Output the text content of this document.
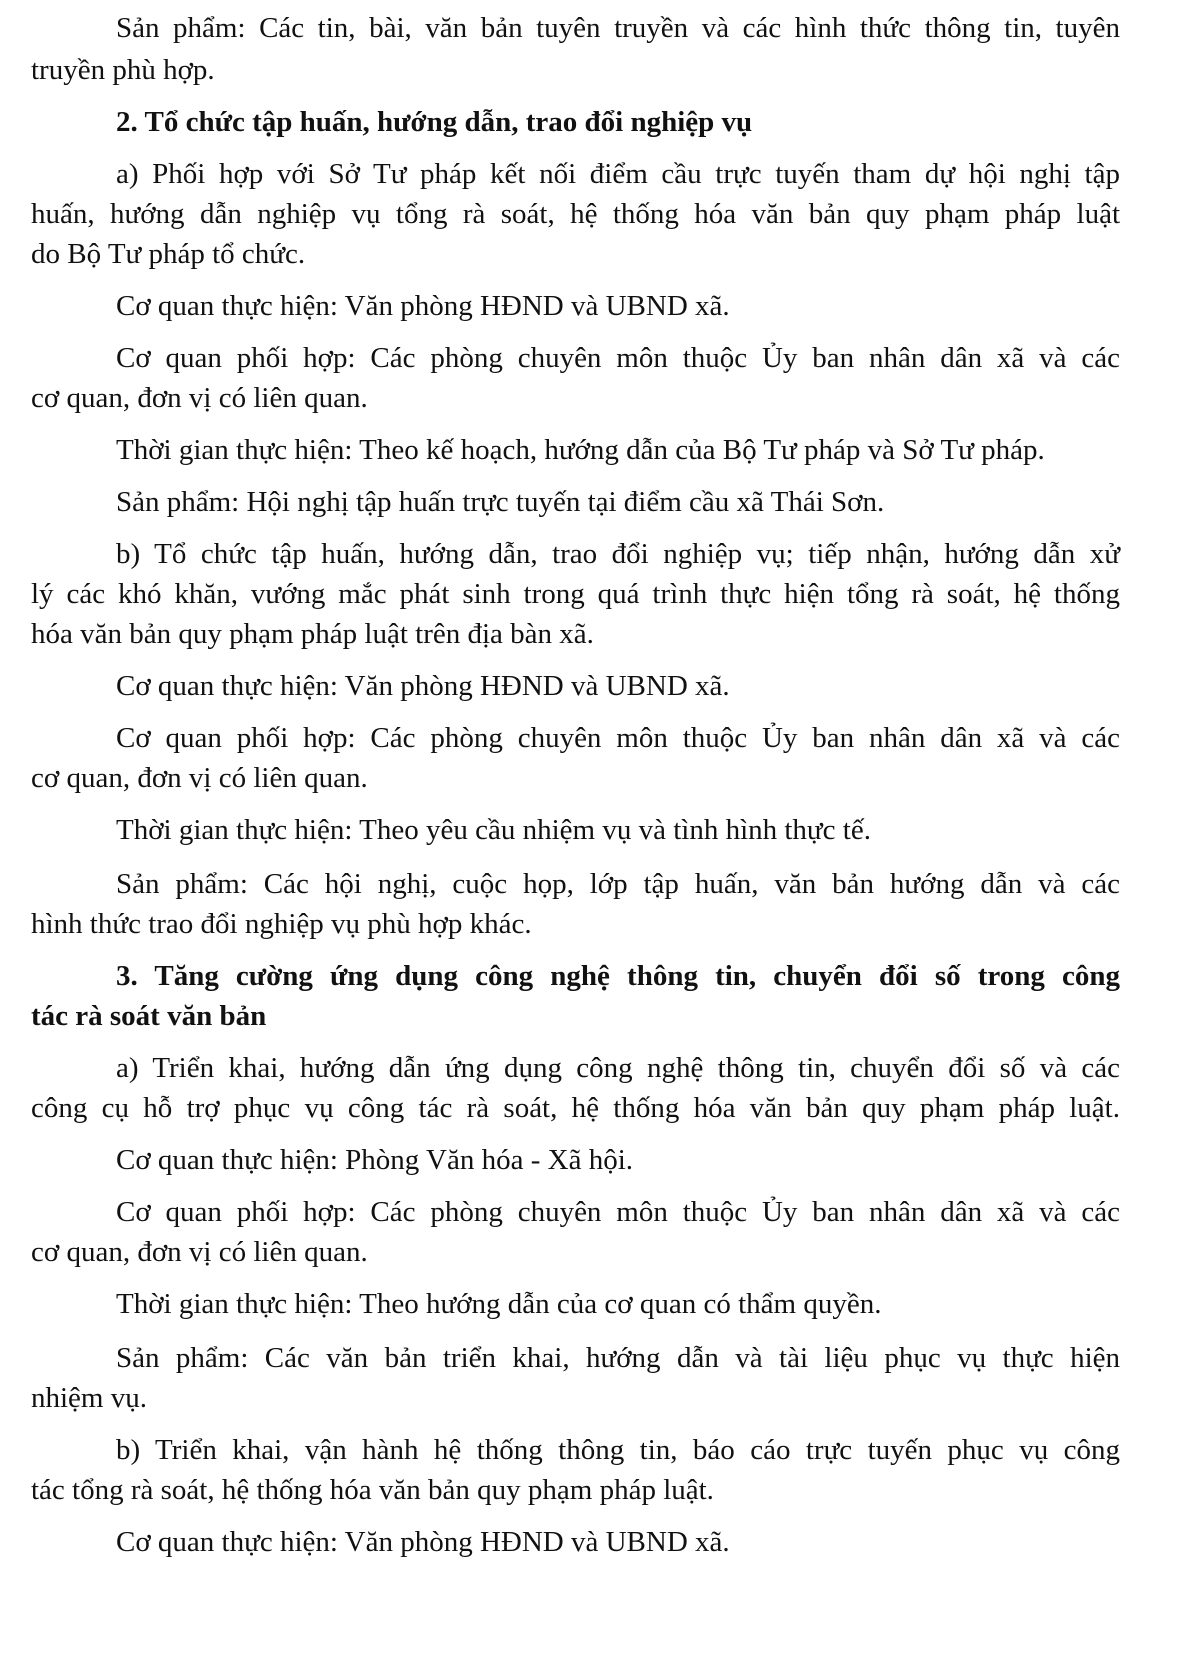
Sản phẩm: Các tin, bài, văn bản tuyên truyền và các hình thức thông tin, tuyên

truyền phù hợp.

2. Tổ chức tập huấn, hướng dẫn, trao đổi nghiệp vụ

a) Phối hợp với Sở Tư pháp kết nối điểm cầu trực tuyến tham dự hội nghị tập

huấn, hướng dẫn nghiệp vụ tổng rà soát, hệ thống hóa văn bản quy phạm pháp luật

do Bộ Tư pháp tổ chức.

Cơ quan thực hiện: Văn phòng HĐND và UBND xã.

Cơ quan phối hợp: Các phòng chuyên môn thuộc Ủy ban nhân dân xã và các

cơ quan, đơn vị có liên quan.

Thời gian thực hiện: Theo kế hoạch, hướng dẫn của Bộ Tư pháp và Sở Tư pháp.

Sản phẩm: Hội nghị tập huấn trực tuyến tại điểm cầu xã Thái Sơn.

b) Tổ chức tập huấn, hướng dẫn, trao đổi nghiệp vụ; tiếp nhận, hướng dẫn xử

lý các khó khăn, vướng mắc phát sinh trong quá trình thực hiện tổng rà soát, hệ thống

hóa văn bản quy phạm pháp luật trên địa bàn xã.

Cơ quan thực hiện: Văn phòng HĐND và UBND xã.

Cơ quan phối hợp: Các phòng chuyên môn thuộc Ủy ban nhân dân xã và các

cơ quan, đơn vị có liên quan.

Thời gian thực hiện: Theo yêu cầu nhiệm vụ và tình hình thực tế.

Sản phẩm: Các hội nghị, cuộc họp, lớp tập huấn, văn bản hướng dẫn và các

hình thức trao đổi nghiệp vụ phù hợp khác.

3. Tăng cường ứng dụng công nghệ thông tin, chuyển đổi số trong công

tác rà soát văn bản

a) Triển khai, hướng dẫn ứng dụng công nghệ thông tin, chuyển đổi số và các

công cụ hỗ trợ phục vụ công tác rà soát, hệ thống hóa văn bản quy phạm pháp luật.

Cơ quan thực hiện: Phòng Văn hóa - Xã hội.

Cơ quan phối hợp: Các phòng chuyên môn thuộc Ủy ban nhân dân xã và các

cơ quan, đơn vị có liên quan.

Thời gian thực hiện: Theo hướng dẫn của cơ quan có thẩm quyền.

Sản phẩm: Các văn bản triển khai, hướng dẫn và tài liệu phục vụ thực hiện

nhiệm vụ.

b) Triển khai, vận hành hệ thống thông tin, báo cáo trực tuyến phục vụ công

tác tổng rà soát, hệ thống hóa văn bản quy phạm pháp luật.

Cơ quan thực hiện: Văn phòng HĐND và UBND xã.
